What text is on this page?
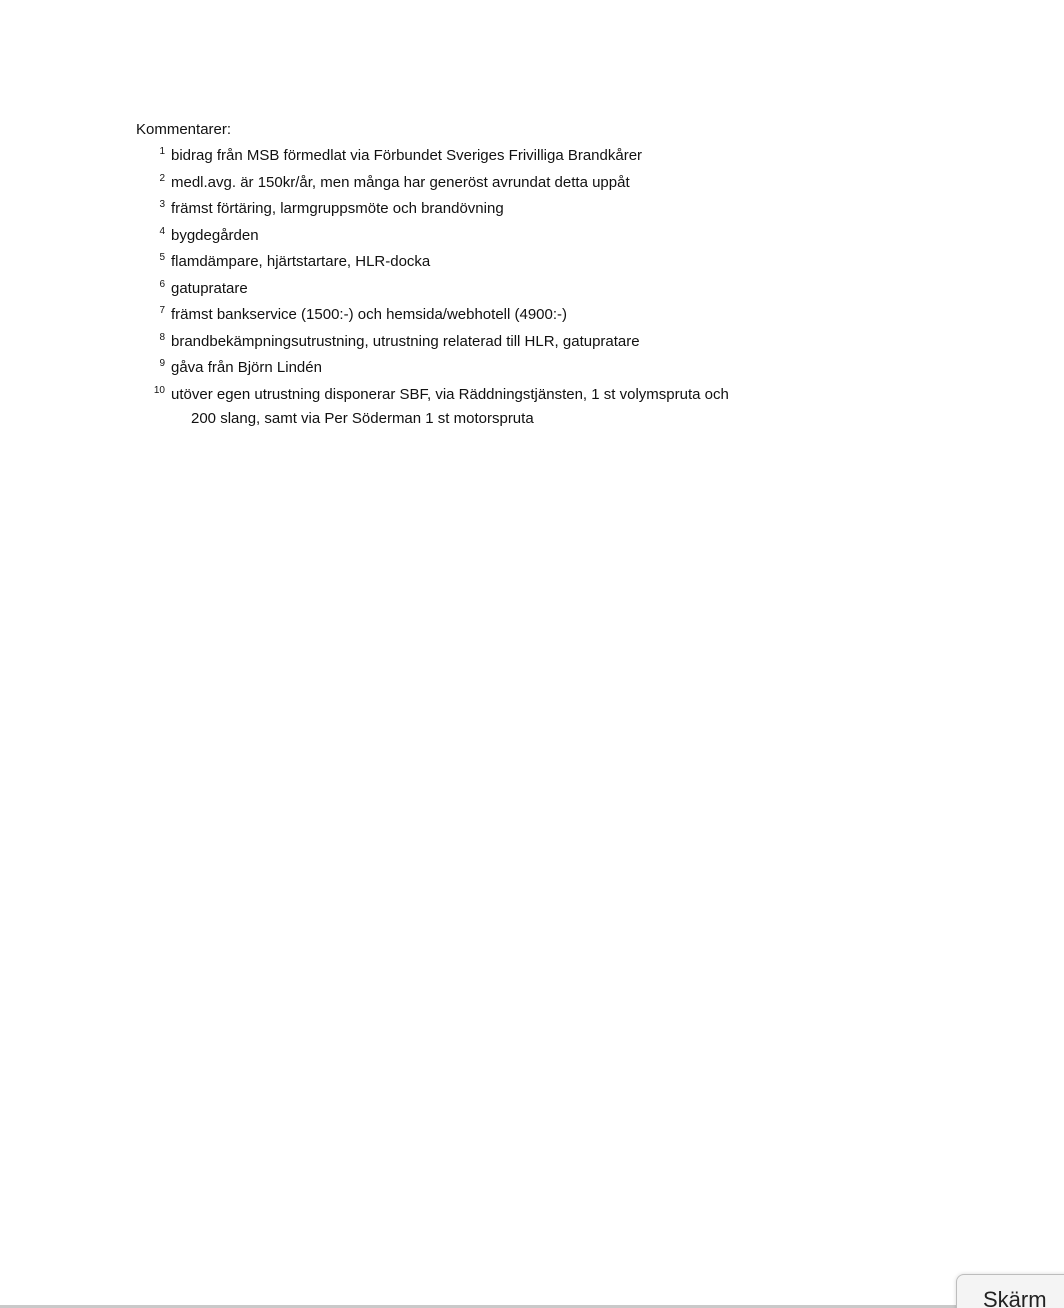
Kommentarer:
1 bidrag från MSB förmedlat via Förbundet Sveriges Frivilliga Brandkårer
2 medl.avg. är 150kr/år, men många har generöst avrundat detta uppåt
3 främst förtäring, larmgruppsmöte och brandövning
4 bygdegården
5 flamdämpare, hjärtstartare, HLR-docka
6 gatupratare
7 främst bankservice (1500:-) och hemsida/webhotell (4900:-)
8 brandbekämpningsutrustning, utrustning relaterad till HLR, gatupratare
9 gåva från Björn Lindén
10 utöver egen utrustning disponerar SBF, via Räddningstjänsten, 1 st volymspruta och
200 slang, samt via Per Söderman 1 st motorspruta
Skärm
